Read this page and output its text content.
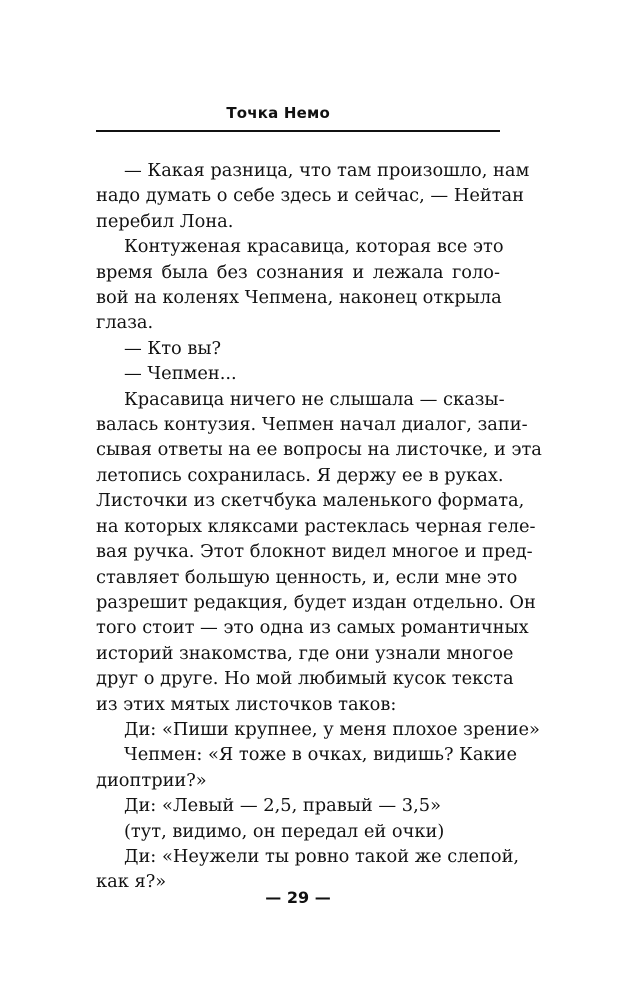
Точка Немо
— Какая разница, что там произошло, нам
надо думать о себе здесь и сейчас, — Нейтан
перебил Лона.
Контуженая красавица, которая все это
время была без сознания и лежала голо-
вой на коленях Чепмена, наконец открыла
глаза.
— Кто вы?
— Чепмен...
Красавица ничего не слышала — сказы-
валась контузия. Чепмен начал диалог, запи-
сывая ответы на ее вопросы на листочке, и эта
летопись сохранилась. Я держу ее в руках.
Листочки из скетчбука маленького формата,
на которых кляксами растеклась черная геле-
вая ручка. Этот блокнот видел многое и пред-
ставляет большую ценность, и, если мне это
разрешит редакция, будет издан отдельно. Он
того стоит — это одна из самых романтичных
историй знакомства, где они узнали многое
друг о друге. Но мой любимый кусок текста
из этих мятых листочков таков:
Ди: «Пиши крупнее, у меня плохое зрение»
Чепмен: «Я тоже в очках, видишь? Какие
диоптрии?»
Ди: «Левый — 2,5, правый — 3,5»
(тут, видимо, он передал ей очки)
Ди: «Неужели ты ровно такой же слепой,
как я?»
— 29 —
